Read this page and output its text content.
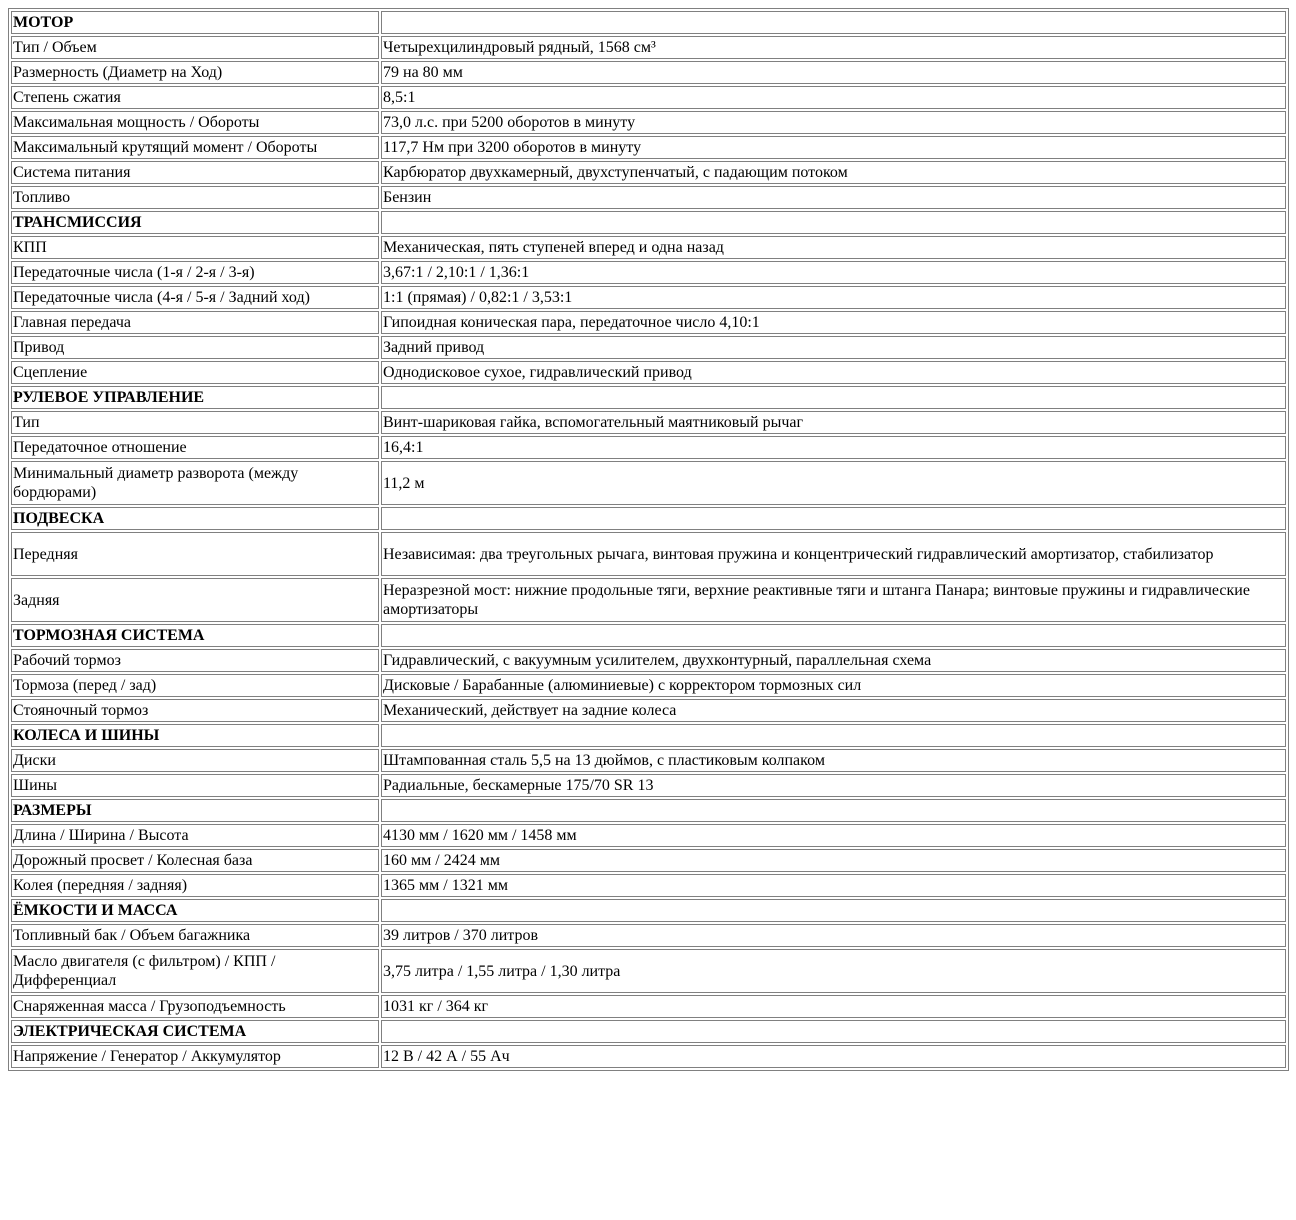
МОТОР	
Тип / Объем	Четырехцилиндровый рядный, 1568 см³
Размерность (Диаметр на Ход)	79 на 80 мм
Степень сжатия	8,5:1
Максимальная мощность / Обороты	73,0 л.с. при 5200 оборотов в минуту
Максимальный крутящий момент / Обороты	117,7 Нм при 3200 оборотов в минуту
Система питания	Карбюратор двухкамерный, двухступенчатый, с падающим потоком
Топливо	Бензин
ТРАНСМИССИЯ	
КПП	Механическая, пять ступеней вперед и одна назад
Передаточные числа (1-я / 2-я / 3-я)	3,67:1 / 2,10:1 / 1,36:1
Передаточные числа (4-я / 5-я / Задний ход)	1:1 (прямая) / 0,82:1 / 3,53:1
Главная передача	Гипоидная коническая пара, передаточное число 4,10:1
Привод	Задний привод
Сцепление	Однодисковое сухое, гидравлический привод
РУЛЕВОЕ УПРАВЛЕНИЕ	
Тип	Винт-шариковая гайка, вспомогательный маятниковый рычаг
Передаточное отношение	16,4:1
Минимальный диаметр разворота (между бордюрами)	11,2 м
ПОДВЕСКА	
Передняя	Независимая: два треугольных рычага, винтовая пружина и концентрический гидравлический амортизатор, стабилизатор
Задняя	Неразрезной мост: нижние продольные тяги, верхние реактивные тяги и штанга Панара; винтовые пружины и гидравлические амортизаторы
ТОРМОЗНАЯ СИСТЕМА	
Рабочий тормоз	Гидравлический, с вакуумным усилителем, двухконтурный, параллельная схема
Тормоза (перед / зад)	Дисковые / Барабанные (алюминиевые) с корректором тормозных сил
Стояночный тормоз	Механический, действует на задние колеса
КОЛЕСА И ШИНЫ	
Диски	Штампованная сталь 5,5 на 13 дюймов, с пластиковым колпаком
Шины	Радиальные, бескамерные 175/70 SR 13
РАЗМЕРЫ	
Длина / Ширина / Высота	4130 мм / 1620 мм / 1458 мм
Дорожный просвет / Колесная база	160 мм / 2424 мм
Колея (передняя / задняя)	1365 мм / 1321 мм
ЁМКОСТИ И МАССА	
Топливный бак / Объем багажника	39 литров / 370 литров
Масло двигателя (с фильтром) / КПП / Дифференциал	3,75 литра / 1,55 литра / 1,30 литра
Снаряженная масса / Грузоподъемность	1031 кг / 364 кг
ЭЛЕКТРИЧЕСКАЯ СИСТЕМА	
Напряжение / Генератор / Аккумулятор	12 В / 42 А / 55 Ач
